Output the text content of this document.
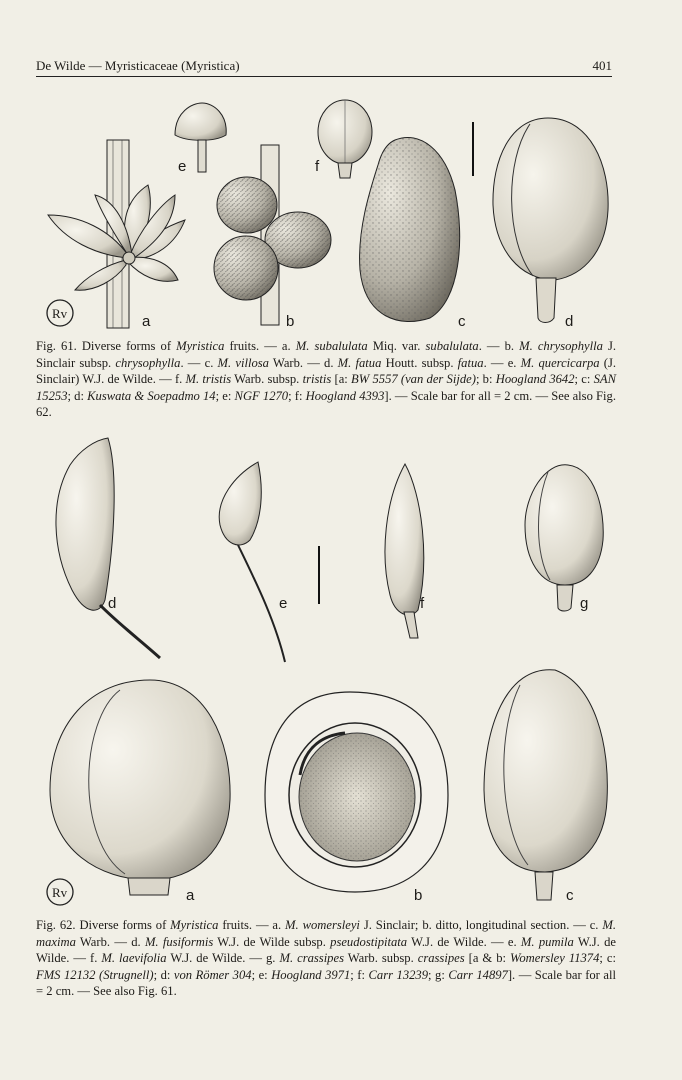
De Wilde — Myristicaceae (Myristica)	401
Rv	a	b	c	d
e	f
Fig. 61. Diverse forms of Myristica fruits. — a. M. subalulata Miq. var. subalulata. — b. M. chrysophylla J. Sinclair subsp. chrysophylla. — c. M. villosa Warb. — d. M. fatua Houtt. subsp. fatua. — e. M. quercicarpa (J. Sinclair) W.J. de Wilde. — f. M. tristis Warb. subsp. tristis [a: BW 5557 (van der Sijde); b: Hoogland 3642; c: SAN 15253; d: Kuswata & Soepadmo 14; e: NGF 1270; f: Hoogland 4393]. — Scale bar for all = 2 cm. — See also Fig. 62.
Rv
d	e	f	g
a	b	c
Fig. 62. Diverse forms of Myristica fruits. — a. M. womersleyi J. Sinclair; b. ditto, longitudinal section. — c. M. maxima Warb. — d. M. fusiformis W.J. de Wilde subsp. pseudostipitata W.J. de Wilde. — e. M. pumila W.J. de Wilde. — f. M. laevifolia W.J. de Wilde. — g. M. crassipes Warb. subsp. crassipes [a & b: Womersley 11374; c: FMS 12132 (Strugnell); d: von Römer 304; e: Hoogland 3971; f: Carr 13239; g: Carr 14897]. — Scale bar for all = 2 cm. — See also Fig. 61.
